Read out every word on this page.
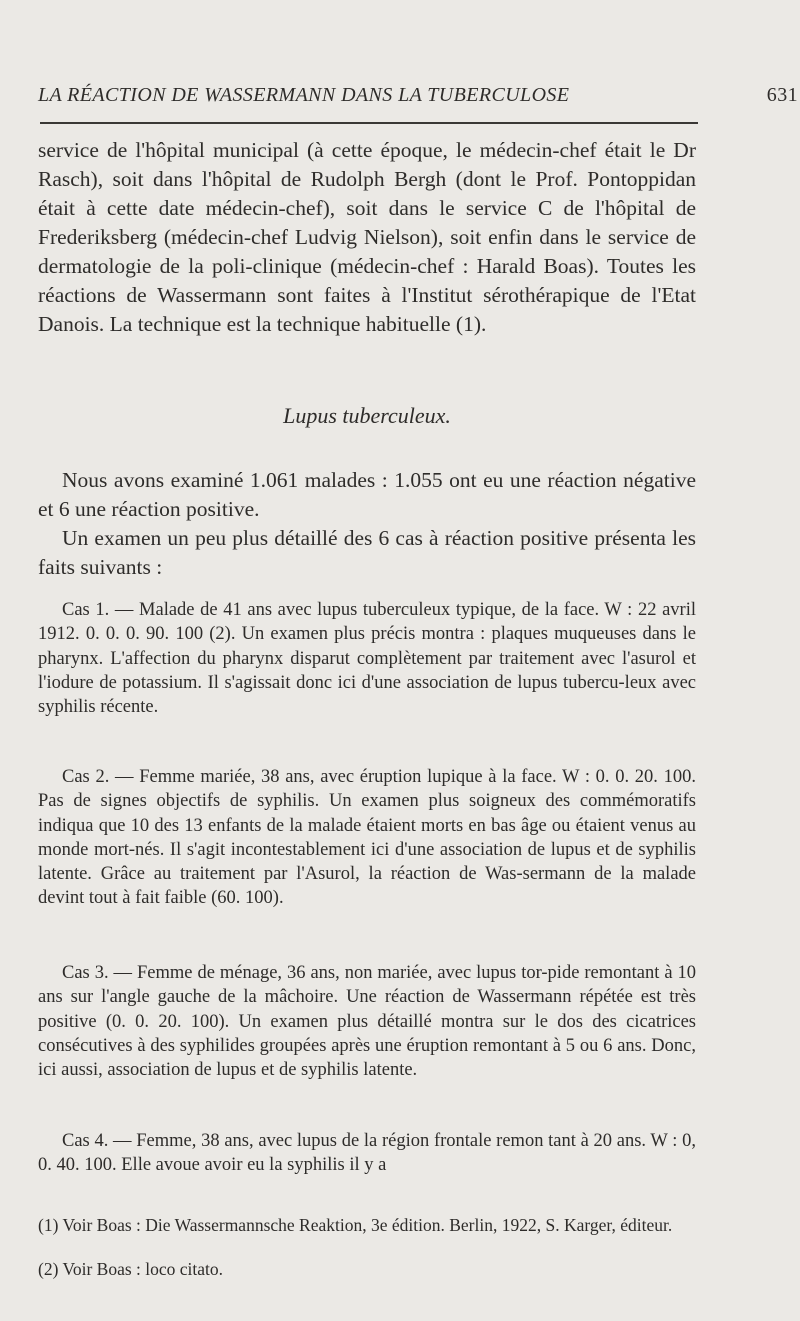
LA RÉACTION DE WASSERMANN DANS LA TUBERCULOSE	631

service de l'hôpital municipal (à cette époque, le médecin-chef était le Dr Rasch), soit dans l'hôpital de Rudolph Bergh (dont le Prof. Pontoppidan était à cette date médecin-chef), soit dans le service C de l'hôpital de Frederiksberg (médecin-chef Ludvig Nielson), soit enfin dans le service de dermatologie de la poli-clinique (médecin-chef : Harald Boas). Toutes les réactions de Wassermann sont faites à l'Institut sérothérapique de l'Etat Danois. La technique est la technique habituelle (1).

Lupus tuberculeux.

Nous avons examiné 1.061 malades : 1.055 ont eu une réaction négative et 6 une réaction positive.

Un examen un peu plus détaillé des 6 cas à réaction positive présenta les faits suivants :

Cas 1. — Malade de 41 ans avec lupus tuberculeux typique, de la face. W : 22 avril 1912. 0. 0. 0. 90. 100 (2). Un examen plus précis montra : plaques muqueuses dans le pharynx. L'affection du pharynx disparut complètement par traitement avec l'asurol et l'iodure de potassium. Il s'agissait donc ici d'une association de lupus tubercu-leux avec syphilis récente.

Cas 2. — Femme mariée, 38 ans, avec éruption lupique à la face. W : 0. 0. 20. 100. Pas de signes objectifs de syphilis. Un examen plus soigneux des commémoratifs indiqua que 10 des 13 enfants de la malade étaient morts en bas âge ou étaient venus au monde mort-nés. Il s'agit incontestablement ici d'une association de lupus et de syphilis latente. Grâce au traitement par l'Asurol, la réaction de Was-sermann de la malade devint tout à fait faible (60. 100).

Cas 3. — Femme de ménage, 36 ans, non mariée, avec lupus tor-pide remontant à 10 ans sur l'angle gauche de la mâchoire. Une réaction de Wassermann répétée est très positive (0. 0. 20. 100). Un examen plus détaillé montra sur le dos des cicatrices consécutives à des syphilides groupées après une éruption remontant à 5 ou 6 ans. Donc, ici aussi, association de lupus et de syphilis latente.

Cas 4. — Femme, 38 ans, avec lupus de la région frontale remon tant à 20 ans. W : 0, 0. 40. 100. Elle avoue avoir eu la syphilis il y a

(1) Voir Boas : Die Wassermannsche Reaktion, 3e édition. Berlin, 1922, S. Karger, éditeur.

(2) Voir Boas : loco citato.
